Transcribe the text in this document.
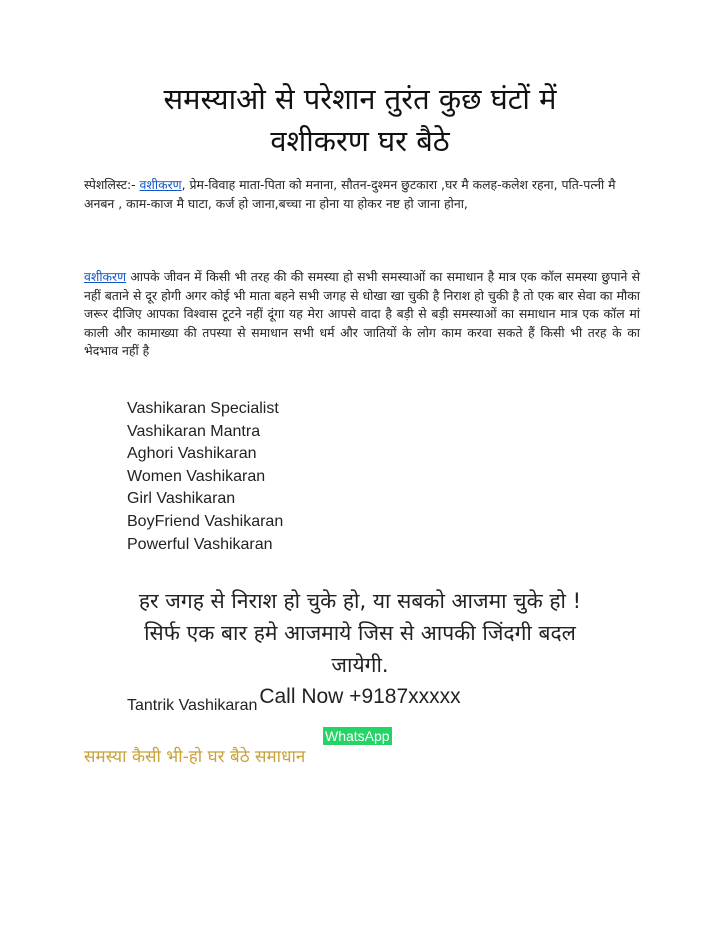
समस्याओ से परेशान तुरंत कुछ घंटों में
वशीकरण घर बैठे

स्पेशलिस्ट:- वशीकरण, प्रेम-विवाह माता-पिता को मनाना, सौतन-दुश्मन छुटकारा ,घर मै कलह-कलेश रहना, पति-पत्नी मै अनबन , काम-काज मै घाटा, कर्ज हो जाना,बच्चा ना होना या होकर नष्ट हो जाना होना,

वशीकरण आपके जीवन में किसी भी तरह की की समस्या हो सभी समस्याओं का समाधान है मात्र एक कॉल समस्या छुपाने से नहीं बताने से दूर होगी अगर कोई भी माता बहने सभी जगह से धोखा खा चुकी है निराश हो चुकी है तो एक बार सेवा का मौका जरूर दीजिए आपका विश्वास टूटने नहीं दूंगा यह मेरा आपसे वादा है बड़ी से बड़ी समस्याओं का समाधान मात्र एक कॉल मां काली और कामाख्या की तपस्या से समाधान सभी धर्म और जातियों के लोग काम करवा सकते हैं किसी भी तरह के का भेदभाव नहीं है

Vashikaran Specialist
Vashikaran Mantra
Aghori Vashikaran
Women Vashikaran
Girl Vashikaran
BoyFriend Vashikaran
Powerful Vashikaran
हर जगह से निराश हो चुके हो, या सबको आजमा चुके हो !
सिर्फ एक बार हमे आजमाये जिस से आपकी जिंदगी बदल
जायेगी.
Call Now +9187xxxxx
Tantrik Vashikaran
WhatsApp
समस्या कैसी भी-हो घर बैठे समाधान
